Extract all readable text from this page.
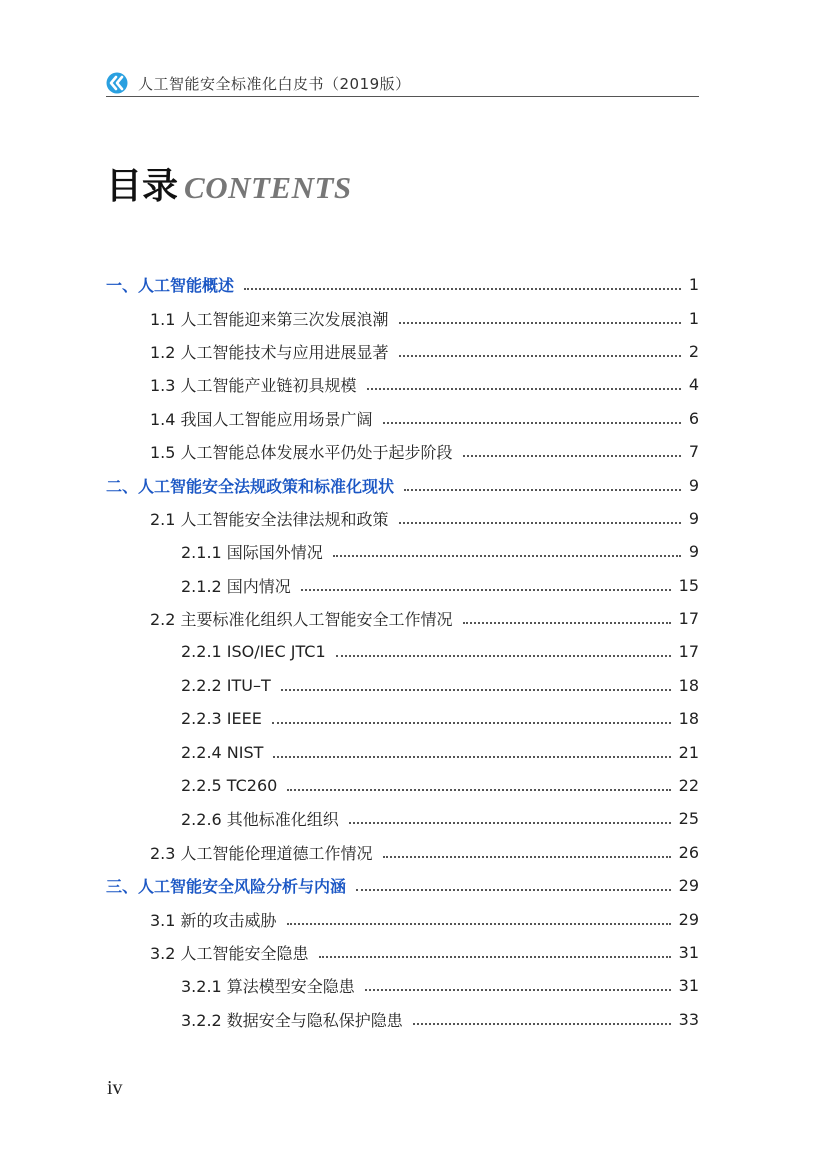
人工智能安全标准化白皮书（2019版）
目录 CONTENTS
一、人工智能概述	1
1.1 人工智能迎来第三次发展浪潮	1
1.2 人工智能技术与应用进展显著	2
1.3 人工智能产业链初具规模	4
1.4 我国人工智能应用场景广阔	6
1.5 人工智能总体发展水平仍处于起步阶段	7
二、人工智能安全法规政策和标准化现状	9
2.1 人工智能安全法律法规和政策	9
2.1.1 国际国外情况	9
2.1.2 国内情况	15
2.2 主要标准化组织人工智能安全工作情况	17
2.2.1 ISO/IEC JTC1	17
2.2.2 ITU–T	18
2.2.3 IEEE	18
2.2.4 NIST	21
2.2.5 TC260	22
2.2.6 其他标准化组织	25
2.3 人工智能伦理道德工作情况	26
三、人工智能安全风险分析与内涵	29
3.1 新的攻击威胁	29
3.2 人工智能安全隐患	31
3.2.1 算法模型安全隐患	31
3.2.2 数据安全与隐私保护隐患	33
iv
